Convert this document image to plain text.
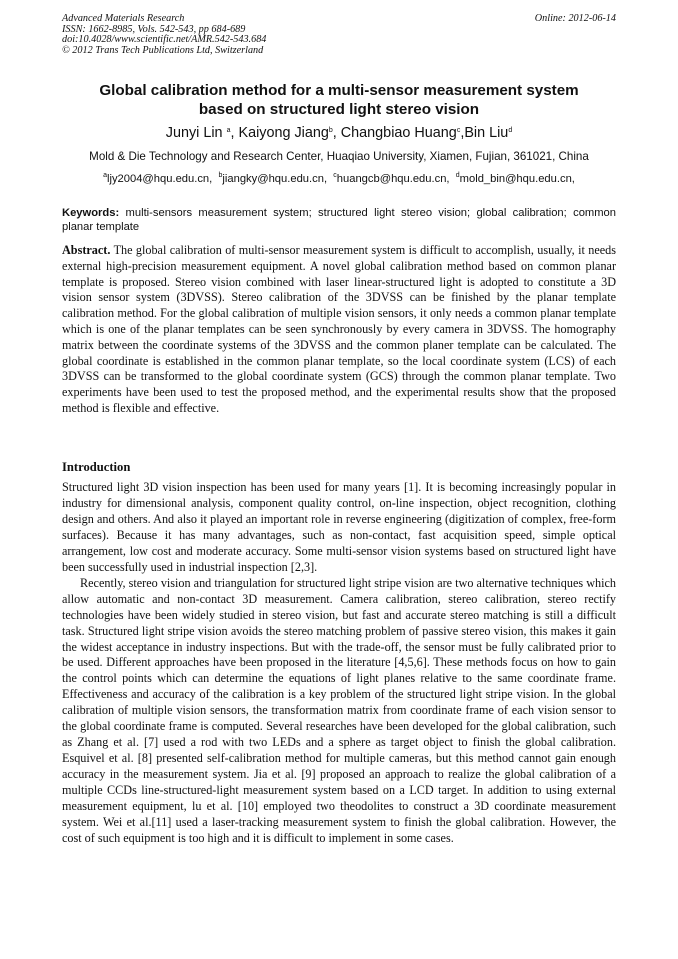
Advanced Materials Research	Online: 2012-06-14
ISSN: 1662-8985, Vols. 542-543, pp 684-689
doi:10.4028/www.scientific.net/AMR.542-543.684
© 2012 Trans Tech Publications Ltd, Switzerland
Global calibration method for a multi-sensor measurement system
based on structured light stereo vision
Junyi Lin $^a$, Kaiyong Jiang$^b$, Changbiao Huang$^c$,Bin Liu$^d$
Mold & Die Technology and Research Center, Huaqiao University, Xiamen, Fujian, 361021, China
$^a$ljy2004@hqu.edu.cn, $^b$jiangky@hqu.edu.cn, $^c$huangcb@hqu.edu.cn, $^d$mold_bin@hqu.edu.cn,
Keywords: multi-sensors measurement system; structured light stereo vision; global calibration; common planar template
Abstract. The global calibration of multi-sensor measurement system is difficult to accomplish, usually, it needs external high-precision measurement equipment. A novel global calibration method based on common planar template is proposed. Stereo vision combined with laser linear-structured light is adopted to constitute a 3D vision sensor system (3DVSS). Stereo calibration of the 3DVSS can be finished by the planar template calibration method. For the global calibration of multiple vision sensors, it only needs a common planar template which is one of the planar templates can be seen synchronously by every camera in 3DVSS. The homography matrix between the coordinate systems of the 3DVSS and the common planer template can be calculated. The global coordinate is established in the common planar template, so the local coordinate system (LCS) of each 3DVSS can be transformed to the global coordinate system (GCS) through the common planar template. Two experiments have been used to test the proposed method, and the experimental results show that the proposed method is flexible and effective.
Introduction

Structured light 3D vision inspection has been used for many years [1]. It is becoming increasingly popular in industry for dimensional analysis, component quality control, on-line inspection, object recognition, clothing design and others. And also it played an important role in reverse engineering (digitization of complex, free-form surfaces). Because it has many advantages, such as non-contact, fast acquisition speed, simple optical arrangement, low cost and moderate accuracy. Some multi-sensor vision systems based on structured light have been successfully used in industrial inspection [2,3].

Recently, stereo vision and triangulation for structured light stripe vision are two alternative techniques which allow automatic and non-contact 3D measurement. Camera calibration, stereo calibration, stereo rectify technologies have been widely studied in stereo vision, but fast and accurate stereo matching is still a difficult task. Structured light stripe vision avoids the stereo matching problem of passive stereo vision, this makes it gain the widest acceptance in industry inspections. But with the trade-off, the sensor must be fully calibrated prior to be used. Different approaches have been proposed in the literature [4,5,6]. These methods focus on how to gain the control points which can determine the equations of light planes relative to the same coordinate frame. Effectiveness and accuracy of the calibration is a key problem of the structured light stripe vision. In the global calibration of multiple vision sensors, the transformation matrix from coordinate frame of each vision sensor to the global coordinate frame is computed. Several researches have been developed for the global calibration, such as Zhang et al. [7] used a rod with two LEDs and a sphere as target object to finish the global calibration. Esquivel et al. [8] presented self-calibration method for multiple cameras, but this method cannot gain enough accuracy in the measurement system. Jia et al. [9] proposed an approach to realize the global calibration of a multiple CCDs line-structured-light measurement system based on a LCD target. In addition to using external measurement equipment, lu et al. [10] employed two theodolites to construct a 3D coordinate measurement system. Wei et al.[11] used a laser-tracking measurement system to finish the global calibration. However, the cost of such equipment is too high and it is difficult to implement in some cases.
